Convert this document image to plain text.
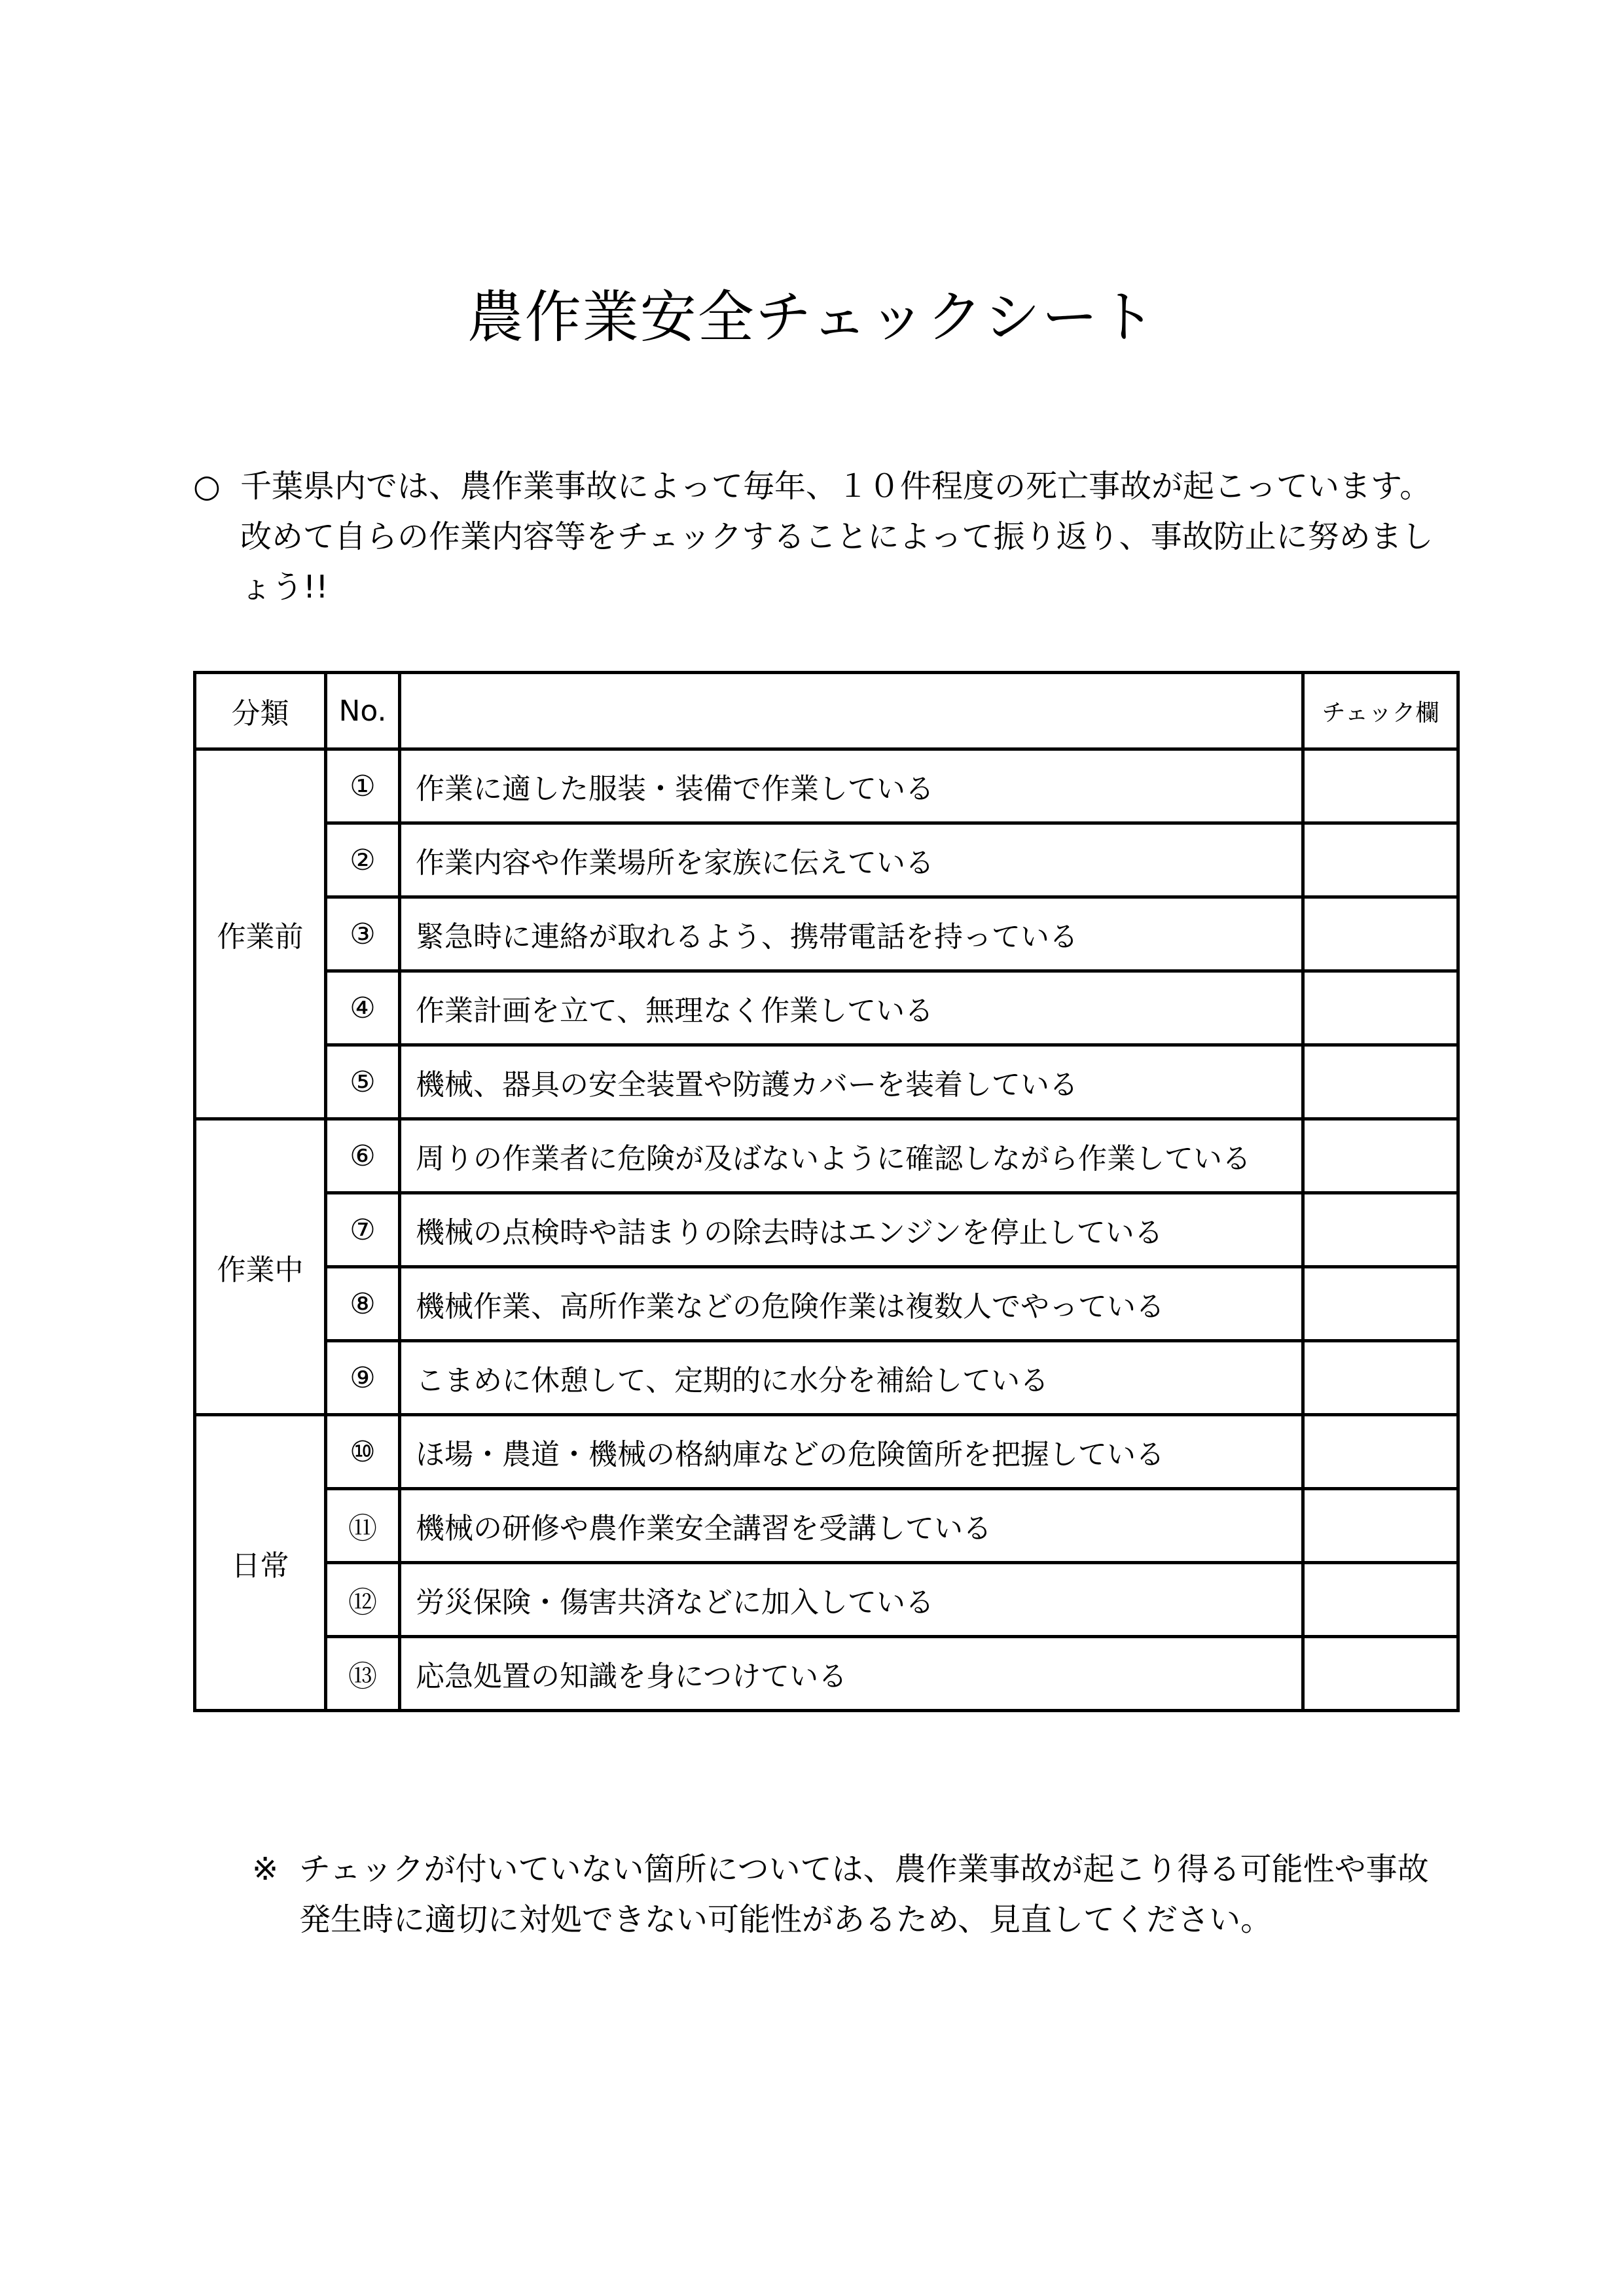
農作業安全チェックシート
○ 千葉県内では、農作業事故によって毎年、１０件程度の死亡事故が起こっています。改めて自らの作業内容等をチェックすることによって振り返り、事故防止に努めましょう!!
分類	No.		チェック欄
作業前	①	作業に適した服装・装備で作業している	
	②	作業内容や作業場所を家族に伝えている	
	③	緊急時に連絡が取れるよう、携帯電話を持っている	
	④	作業計画を立て、無理なく作業している	
	⑤	機械、器具の安全装置や防護カバーを装着している	
作業中	⑥	周りの作業者に危険が及ばないように確認しながら作業している	
	⑦	機械の点検時や詰まりの除去時はエンジンを停止している	
	⑧	機械作業、高所作業などの危険作業は複数人でやっている	
	⑨	こまめに休憩して、定期的に水分を補給している	
日常	⑩	ほ場・農道・機械の格納庫などの危険箇所を把握している	
	⑪	機械の研修や農作業安全講習を受講している	
	⑫	労災保険・傷害共済などに加入している	
	⑬	応急処置の知識を身につけている	
※ チェックが付いていない箇所については、農作業事故が起こり得る可能性や事故発生時に適切に対処できない可能性があるため、見直してください。
